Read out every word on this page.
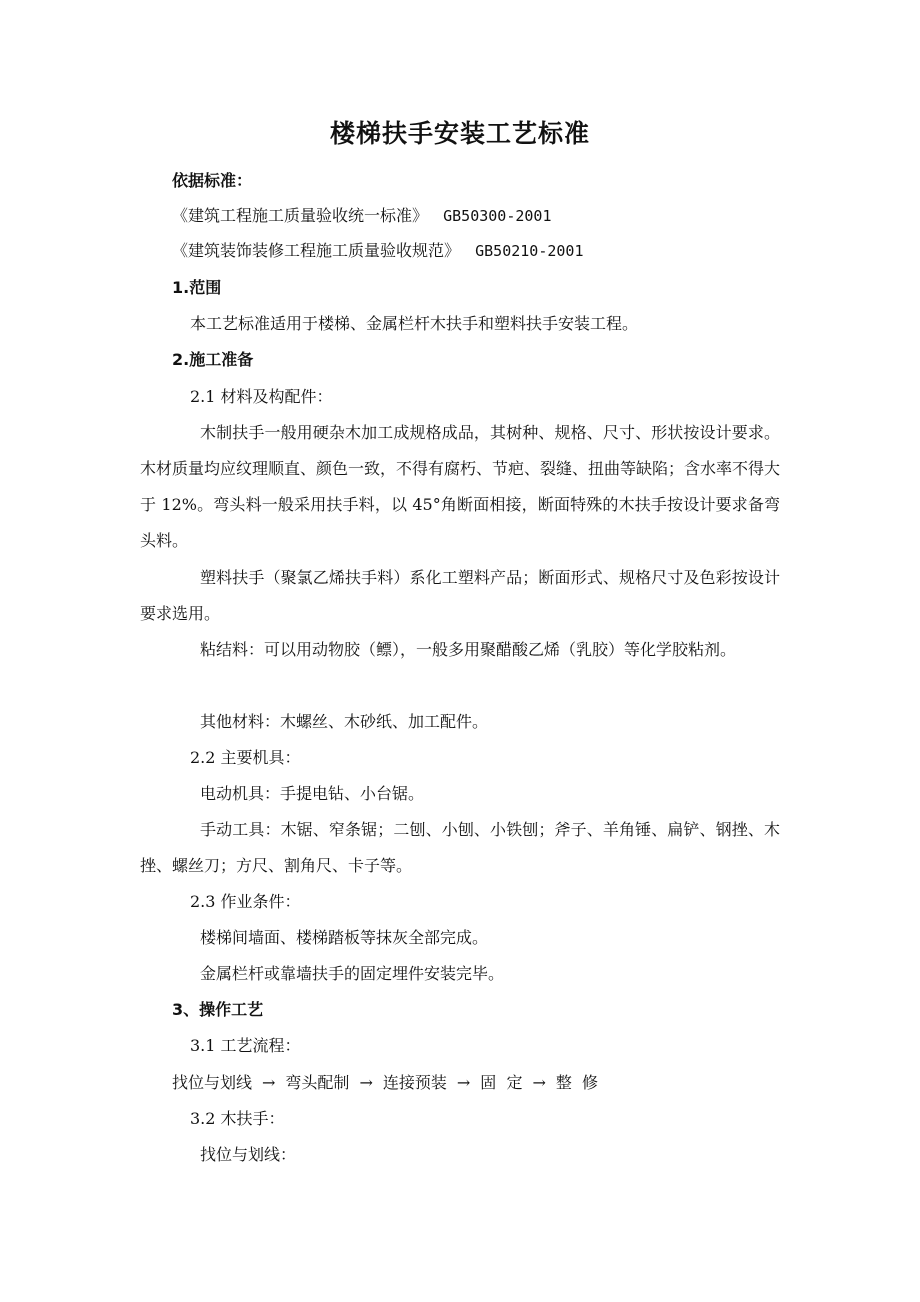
楼梯扶手安装工艺标准
依据标准：
《建筑工程施工质量验收统一标准》 GB50300-2001
《建筑装饰装修工程施工质量验收规范》 GB50210-2001
1.范围
本工艺标准适用于楼梯、金属栏杆木扶手和塑料扶手安装工程。
2.施工准备
2.1 材料及构配件：
木制扶手一般用硬杂木加工成规格成品，其树种、规格、尺寸、形状按设计要求。木材质量均应纹理顺直、颜色一致，不得有腐朽、节疤、裂缝、扭曲等缺陷；含水率不得大于 12%。弯头料一般采用扶手料，以 45°角断面相接，断面特殊的木扶手按设计要求备弯头料。
塑料扶手（聚氯乙烯扶手料）系化工塑料产品；断面形式、规格尺寸及色彩按设计要求选用。
粘结料：可以用动物胶（鳔），一般多用聚醋酸乙烯（乳胶）等化学胶粘剂。
其他材料：木螺丝、木砂纸、加工配件。
2.2 主要机具：
电动机具：手提电钻、小台锯。
手动工具：木锯、窄条锯；二刨、小刨、小铁刨；斧子、羊角锤、扁铲、钢挫、木挫、螺丝刀；方尺、割角尺、卡子等。
2.3 作业条件：
楼梯间墙面、楼梯踏板等抹灰全部完成。
金属栏杆或靠墙扶手的固定埋件安装完毕。
3、操作工艺
3.1 工艺流程：
找位与划线 → 弯头配制 → 连接预装 → 固  定 → 整  修
3.2 木扶手：
找位与划线：
